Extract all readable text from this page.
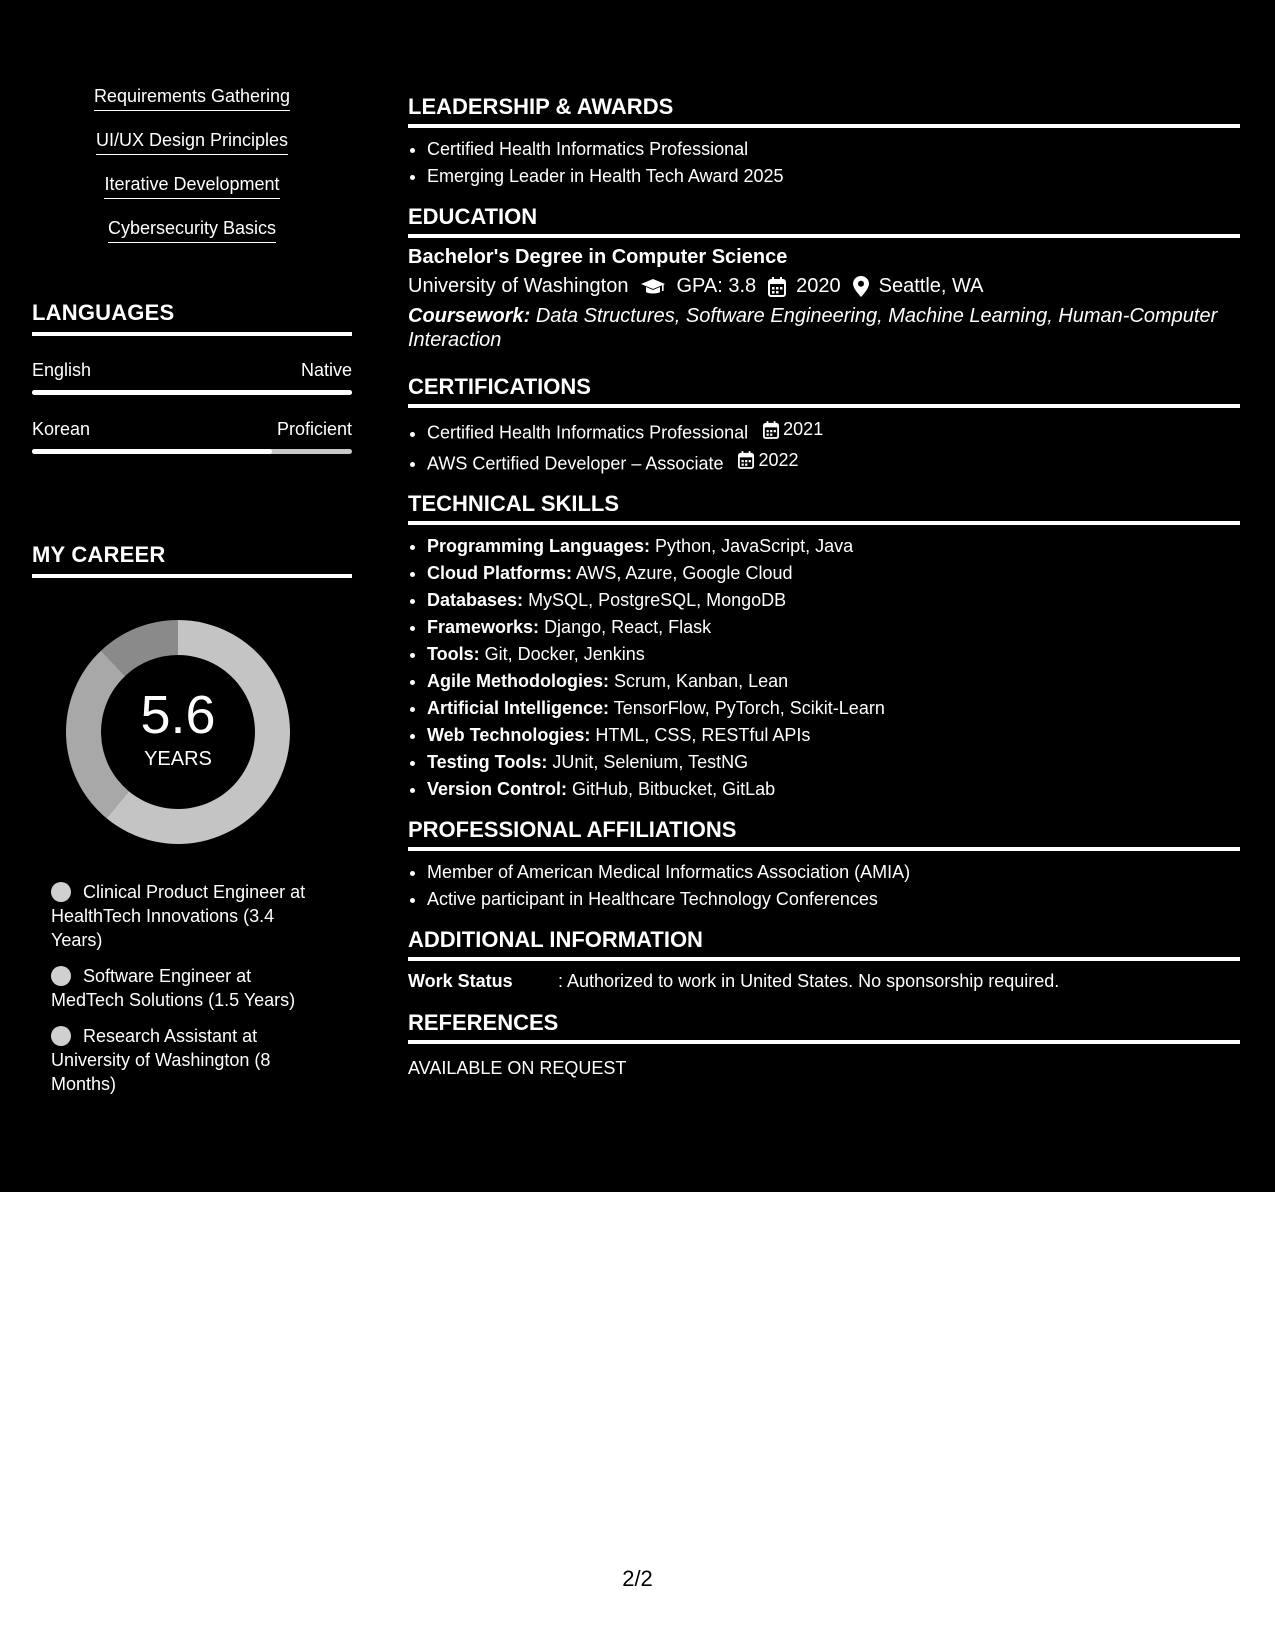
Requirements Gathering
UI/UX Design Principles
Iterative Development
Cybersecurity Basics
LANGUAGES
English	Native
Korean	Proficient
MY CAREER
5.6
YEARS
Clinical Product Engineer at HealthTech Innovations (3.4 Years)
Software Engineer at MedTech Solutions (1.5 Years)
Research Assistant at University of Washington (8 Months)
LEADERSHIP & AWARDS
• Certified Health Informatics Professional
• Emerging Leader in Health Tech Award 2025
EDUCATION
Bachelor's Degree in Computer Science
University of Washington GPA: 3.8 2020 Seattle, WA
Coursework: Data Structures, Software Engineering, Machine Learning, Human-Computer Interaction
CERTIFICATIONS
• Certified Health Informatics Professional 2021
• AWS Certified Developer – Associate 2022
TECHNICAL SKILLS
• Programming Languages: Python, JavaScript, Java
• Cloud Platforms: AWS, Azure, Google Cloud
• Databases: MySQL, PostgreSQL, MongoDB
• Frameworks: Django, React, Flask
• Tools: Git, Docker, Jenkins
• Agile Methodologies: Scrum, Kanban, Lean
• Artificial Intelligence: TensorFlow, PyTorch, Scikit-Learn
• Web Technologies: HTML, CSS, RESTful APIs
• Testing Tools: JUnit, Selenium, TestNG
• Version Control: GitHub, Bitbucket, GitLab
PROFESSIONAL AFFILIATIONS
• Member of American Medical Informatics Association (AMIA)
• Active participant in Healthcare Technology Conferences
ADDITIONAL INFORMATION
Work Status	: Authorized to work in United States. No sponsorship required.
REFERENCES
AVAILABLE ON REQUEST
2/2
